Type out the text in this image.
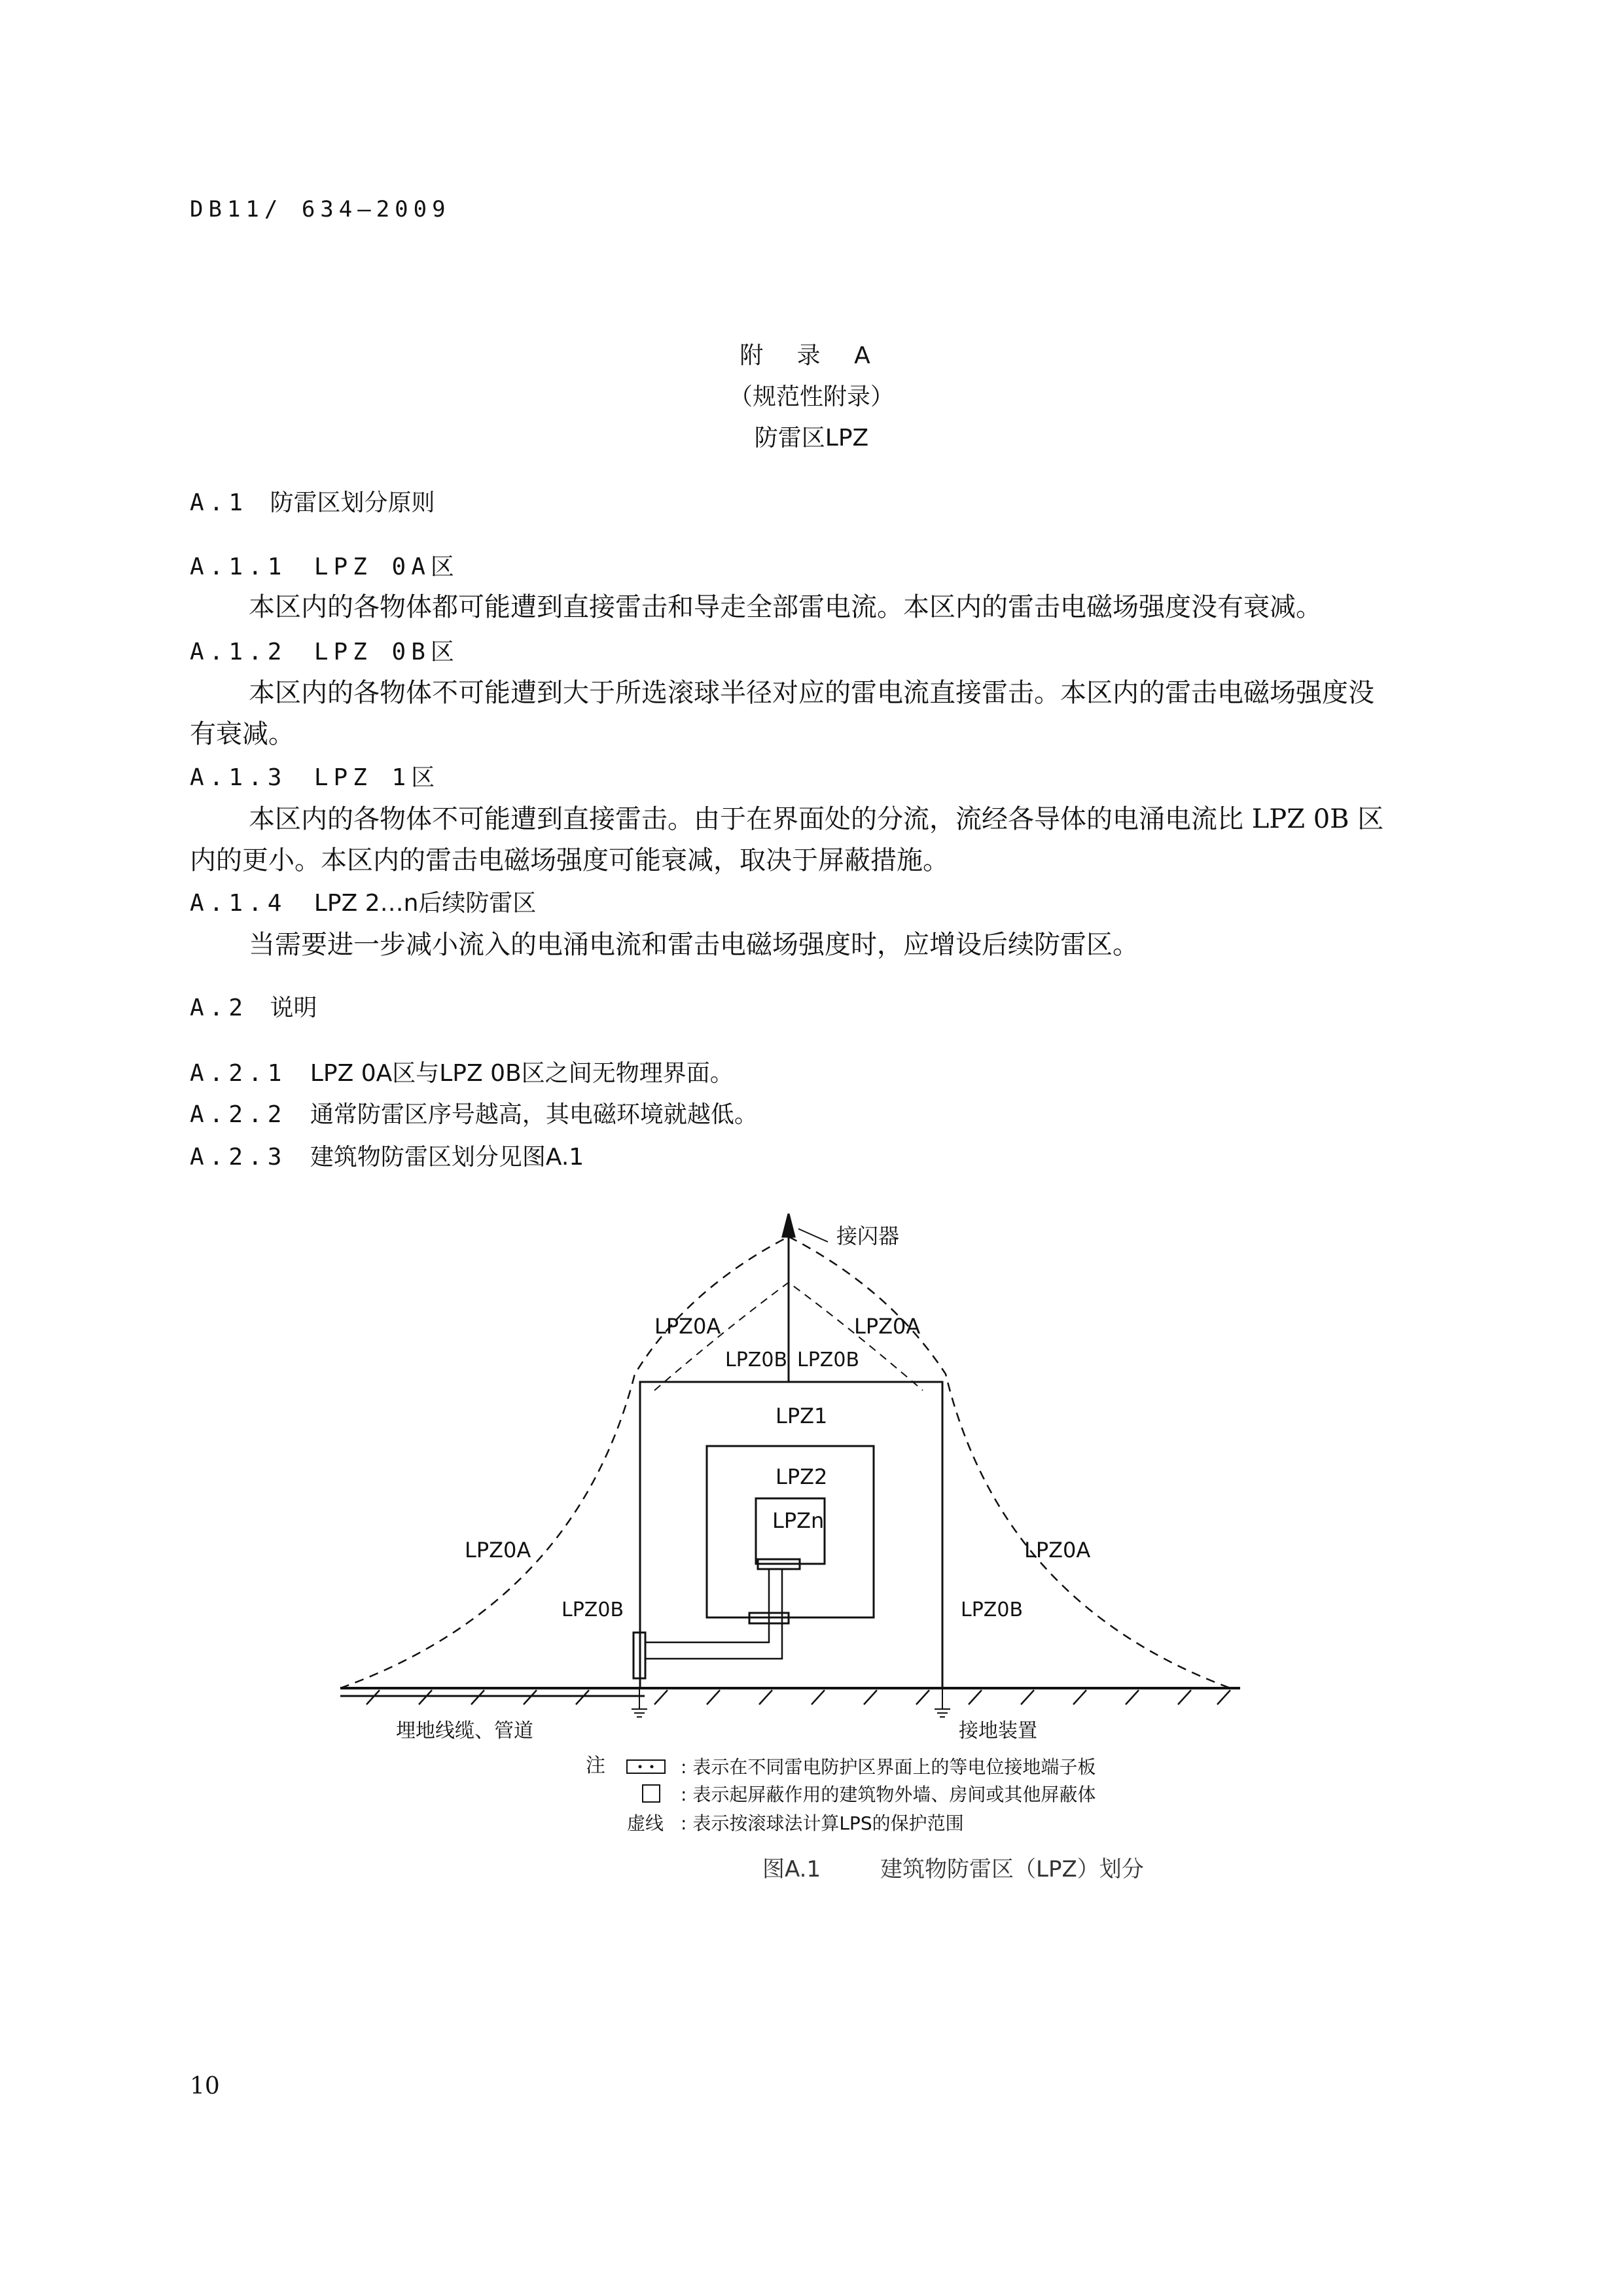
DB11/ 634—2009
附 录 A
（规范性附录）
防雷区LPZ
A.1 防雷区划分原则
A.1.1 LPZ 0A区
本区内的各物体都可能遭到直接雷击和导走全部雷电流。本区内的雷击电磁场强度没有衰减。
A.1.2 LPZ 0B区
本区内的各物体不可能遭到大于所选滚球半径对应的雷电流直接雷击。本区内的雷击电磁场强度没
有衰减。
A.1.3 LPZ 1区
本区内的各物体不可能遭到直接雷击。由于在界面处的分流，流经各导体的电涌电流比 LPZ 0B 区
内的更小。本区内的雷击电磁场强度可能衰减，取决于屏蔽措施。
A.1.4 LPZ 2…n后续防雷区
当需要进一步减小流入的电涌电流和雷击电磁场强度时，应增设后续防雷区。
A.2 说明
A.2.1 LPZ 0A区与LPZ 0B区之间无物理界面。
A.2.2 通常防雷区序号越高，其电磁环境就越低。
A.2.3 建筑物防雷区划分见图A.1
接闪器
LPZ0A	LPZ0A
LPZ0B LPZ0B
LPZ1
LPZ2
LPZn
LPZ0A	LPZ0A
LPZ0B	LPZ0B
埋地线缆、管道	接地装置
注	: 表示在不同雷电防护区界面上的等电位接地端子板
: 表示起屏蔽作用的建筑物外墙、房间或其他屏蔽体
虚线 : 表示按滚球法计算LPS的保护范围
图A.1	建筑物防雷区（LPZ）划分
10
